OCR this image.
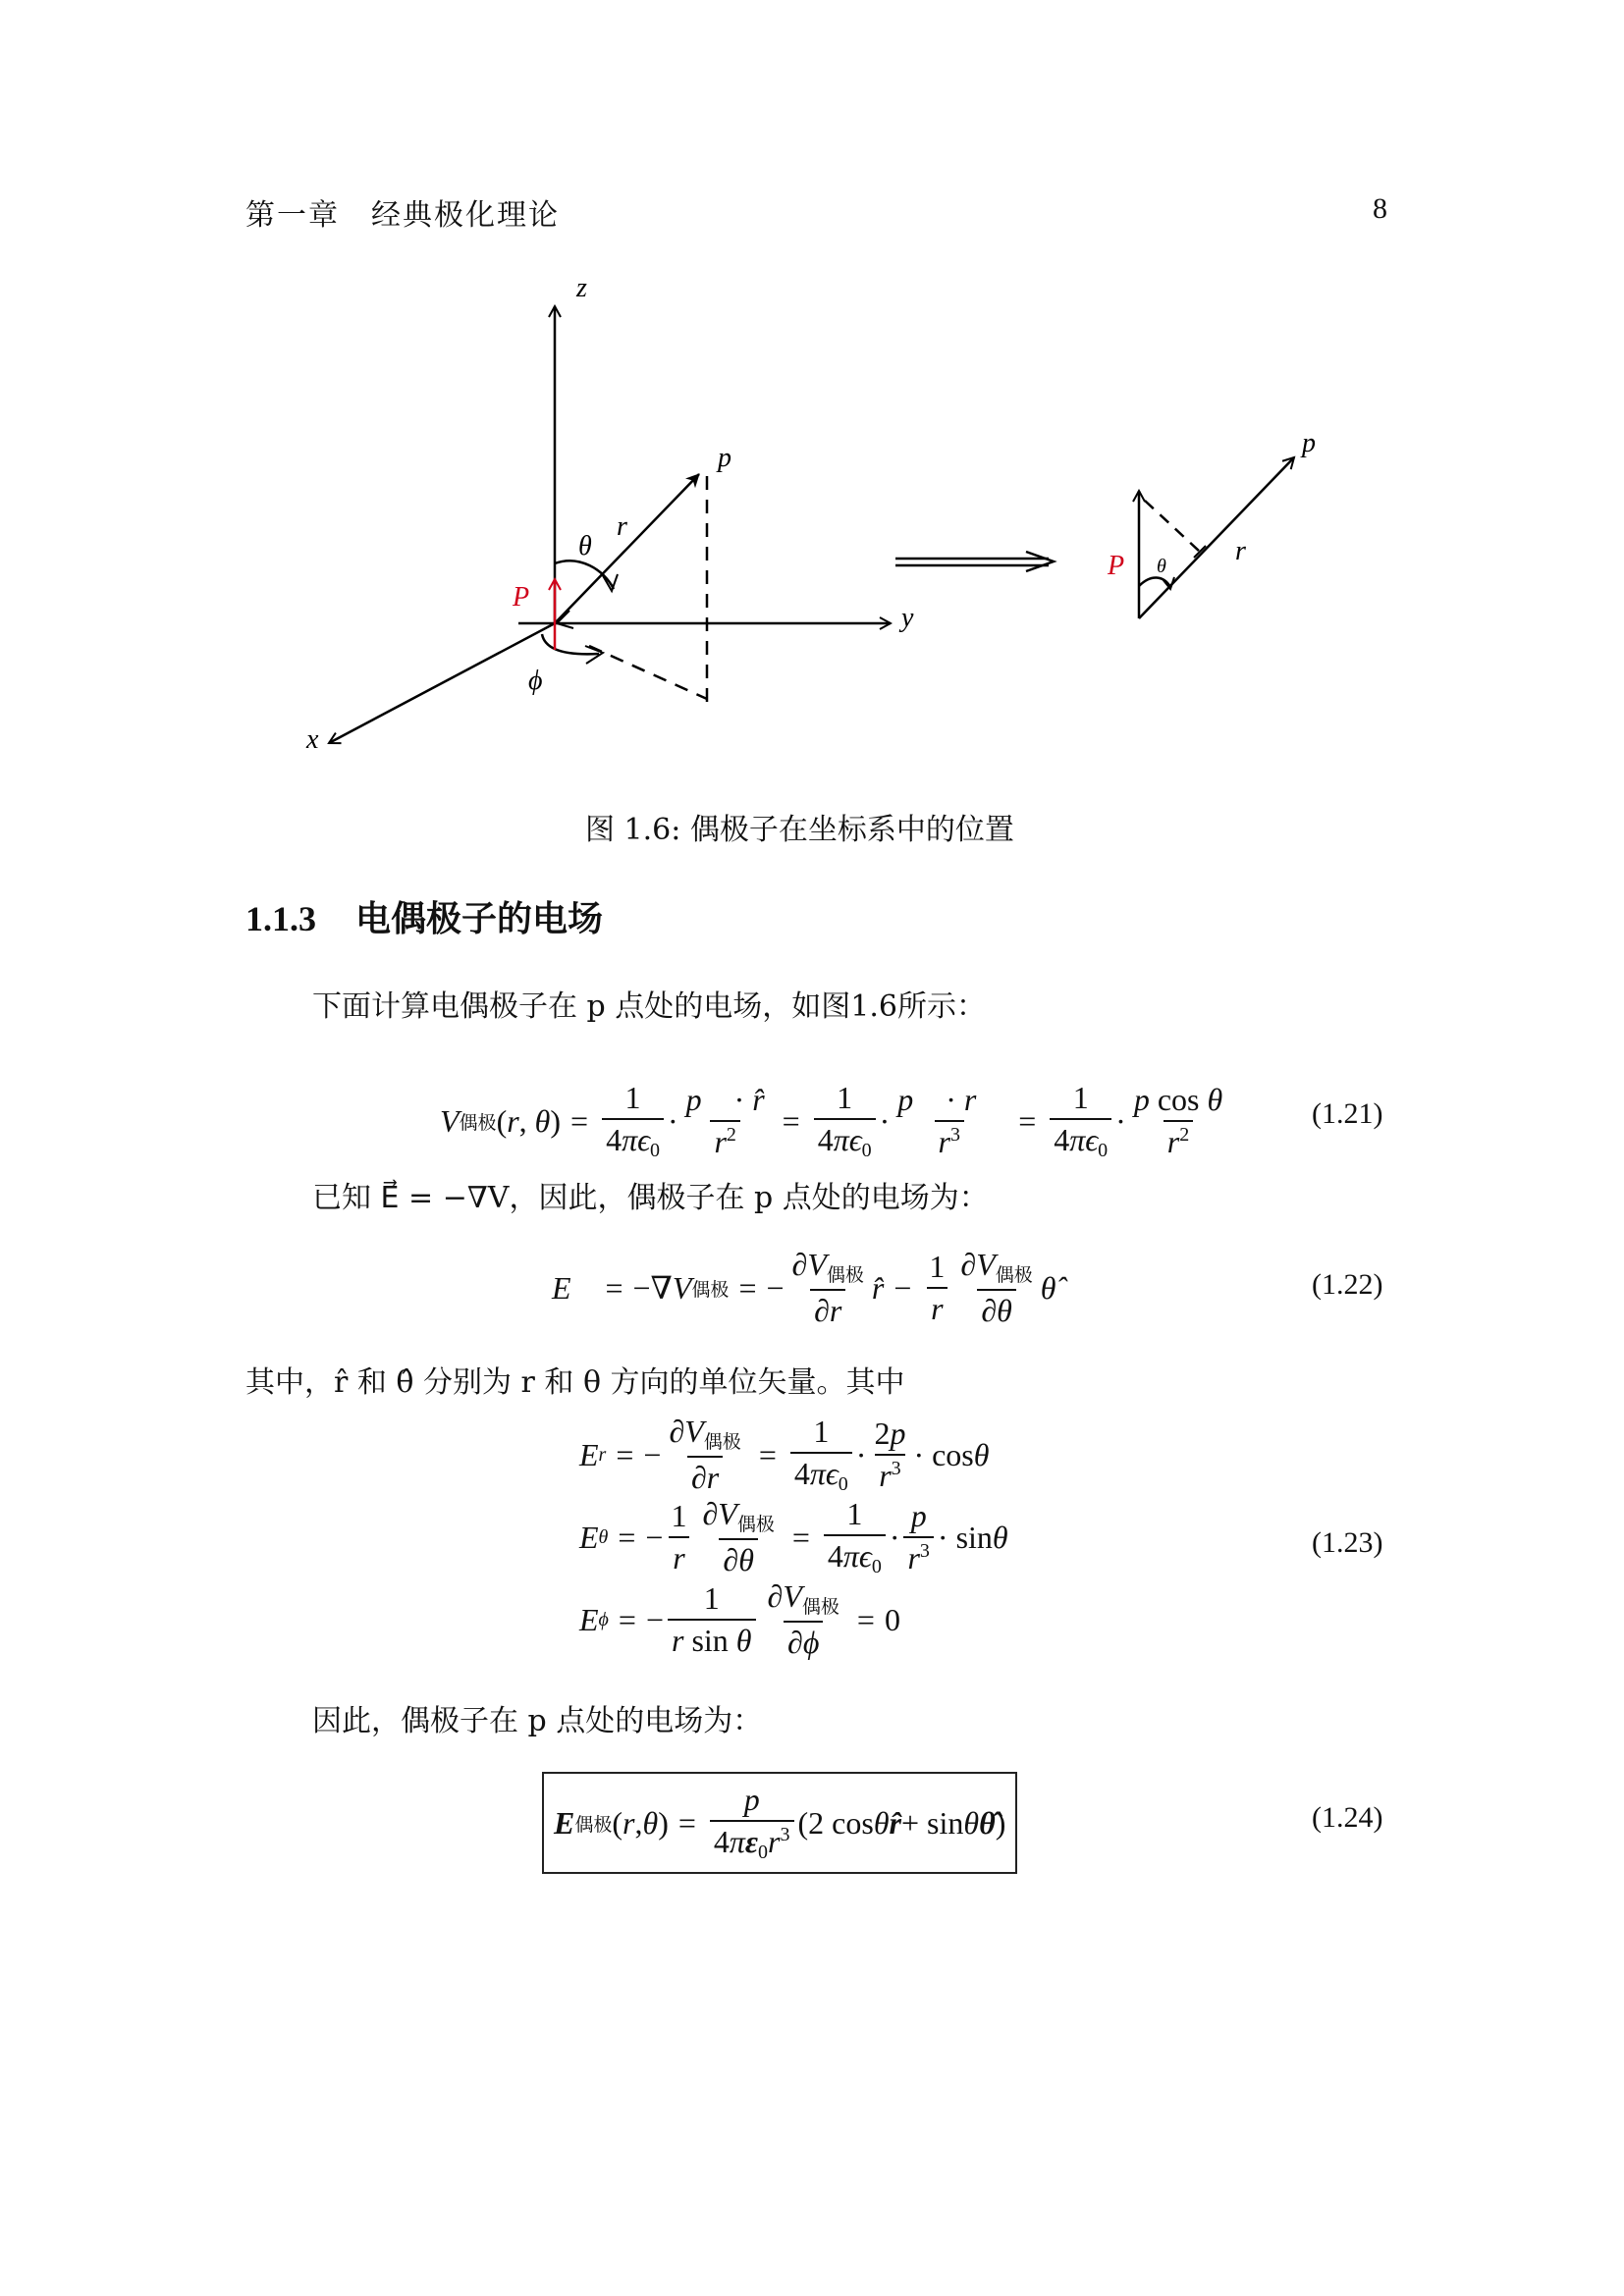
第一章　经典极化理论	8
z
y
x
p
r⃗
θ
ϕ
P⃗
p
r⃗
θ
P⃗
图 1.6: 偶极子在坐标系中的位置
1.1.3 电偶极子的电场
下面计算电偶极子在 p 点处的电场，如图1.6所示：
V 偶极 (r, $\theta) = \frac{1}{4\pi\epsilon_0} \cdot \frac{p⃗ \cdot r̂}{r^2} = \frac{1}{4\pi\epsilon_0} \cdot \frac{p⃗ \cdot r⃗}{r^3} = \frac{1}{4\pi\epsilon_0} \cdot \frac{\text{p cos θ}}{r^2}$	(1.21)
已知 E⃗ = −∇V，因此，偶极子在 p 点处的电场为：
E⃗ = −∇ V 偶极 = − $\frac{\text{∂V偶极}}{\partial r}$ r̂ − $\frac{1}{r} \frac{\text{∂V偶极}}{\partial\theta}$ θ̂	(1.22)
其中，r̂ 和 θ̂ 分别为 r 和 θ 方向的单位矢量。其中
E r = − $\frac{\text{∂V偶极}}{\partial r} = \frac{1}{4\pi\epsilon_0} \cdot \frac{2p}{r^3} \cdot \cos \theta$
E θ = − $\frac{1}{r} \frac{\text{∂V偶极}}{\partial\theta} = \frac{1}{4\pi\epsilon_0} \cdot \frac{p}{r^3} \cdot \sin \theta$
E ϕ = − $\frac{1}{\text{r sin θ}} \frac{\text{∂V偶极}}{\partial\phi} = 0$
(1.23)
因此，偶极子在 p 点处的电场为：
E 偶极 ( r , θ ) = $\frac{p}{4\pi\varepsilon_0r^3} (2$ cos θ r̂ + sin θ θ̂ )	(1.24)
